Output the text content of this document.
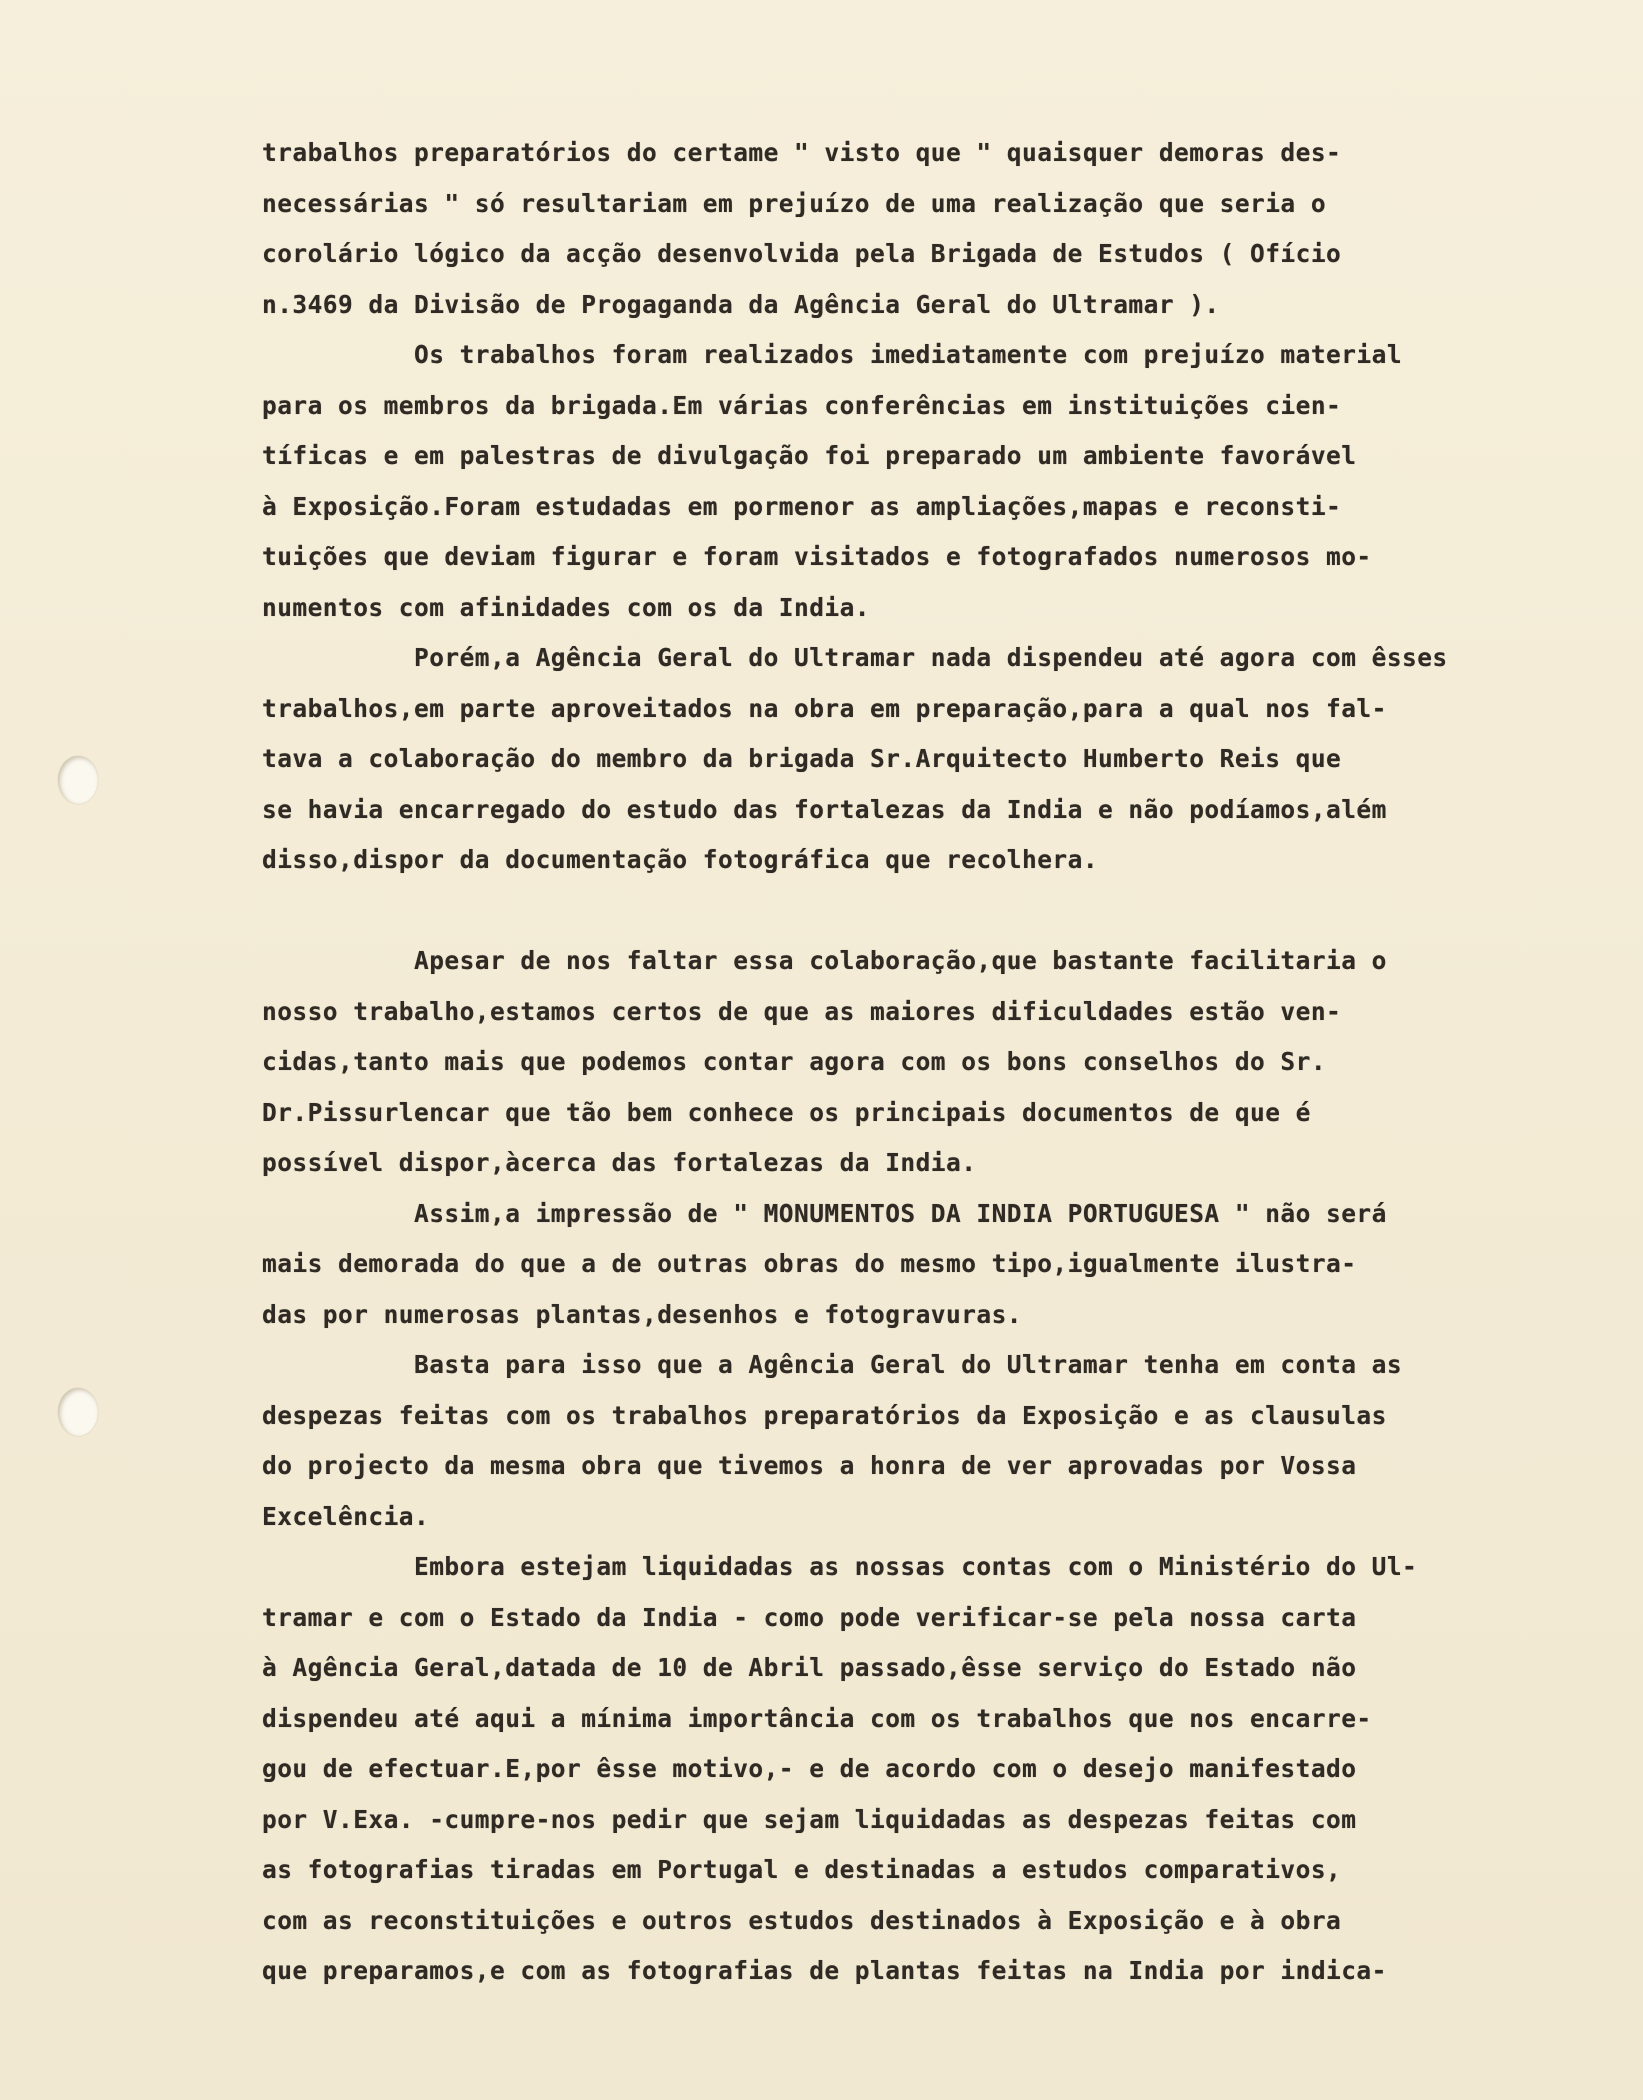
trabalhos preparatórios do certame " visto que " quaisquer demoras des-
necessárias " só resultariam em prejuízo de uma realização que seria o
corolário lógico da acção desenvolvida pela Brigada de Estudos ( Ofício
n.3469 da Divisão de Progaganda da Agência Geral do Ultramar ).
Os trabalhos foram realizados imediatamente com prejuízo material
para os membros da brigada.Em várias conferências em instituições cien-
tíficas e em palestras de divulgação foi preparado um ambiente favorável
à Exposição.Foram estudadas em pormenor as ampliações,mapas e reconsti-
tuições que deviam figurar e foram visitados e fotografados numerosos mo-
numentos com afinidades com os da India.
Porém,a Agência Geral do Ultramar nada dispendeu até agora com êsses
trabalhos,em parte aproveitados na obra em preparação,para a qual nos fal-
tava a colaboração do membro da brigada Sr.Arquitecto Humberto Reis que
se havia encarregado do estudo das fortalezas da India e não podíamos,além
disso,dispor da documentação fotográfica que recolhera.
Apesar de nos faltar essa colaboração,que bastante facilitaria o
nosso trabalho,estamos certos de que as maiores dificuldades estão ven-
cidas,tanto mais que podemos contar agora com os bons conselhos do Sr.
Dr.Pissurlencar que tão bem conhece os principais documentos de que é
possível dispor,àcerca das fortalezas da India.
Assim,a impressão de " MONUMENTOS DA INDIA PORTUGUESA " não será
mais demorada do que a de outras obras do mesmo tipo,igualmente ilustra-
das por numerosas plantas,desenhos e fotogravuras.
Basta para isso que a Agência Geral do Ultramar tenha em conta as
despezas feitas com os trabalhos preparatórios da Exposição e as clausulas
do projecto da mesma obra que tivemos a honra de ver aprovadas por Vossa
Excelência.
Embora estejam liquidadas as nossas contas com o Ministério do Ul-
tramar e com o Estado da India - como pode verificar-se pela nossa carta
à Agência Geral,datada de 10 de Abril passado,êsse serviço do Estado não
dispendeu até aqui a mínima importância com os trabalhos que nos encarre-
gou de efectuar.E,por êsse motivo,- e de acordo com o desejo manifestado
por V.Exa. -cumpre-nos pedir que sejam liquidadas as despezas feitas com
as fotografias tiradas em Portugal e destinadas a estudos comparativos,
com as reconstituições e outros estudos destinados à Exposição e à obra
que preparamos,e com as fotografias de plantas feitas na India por indica-
